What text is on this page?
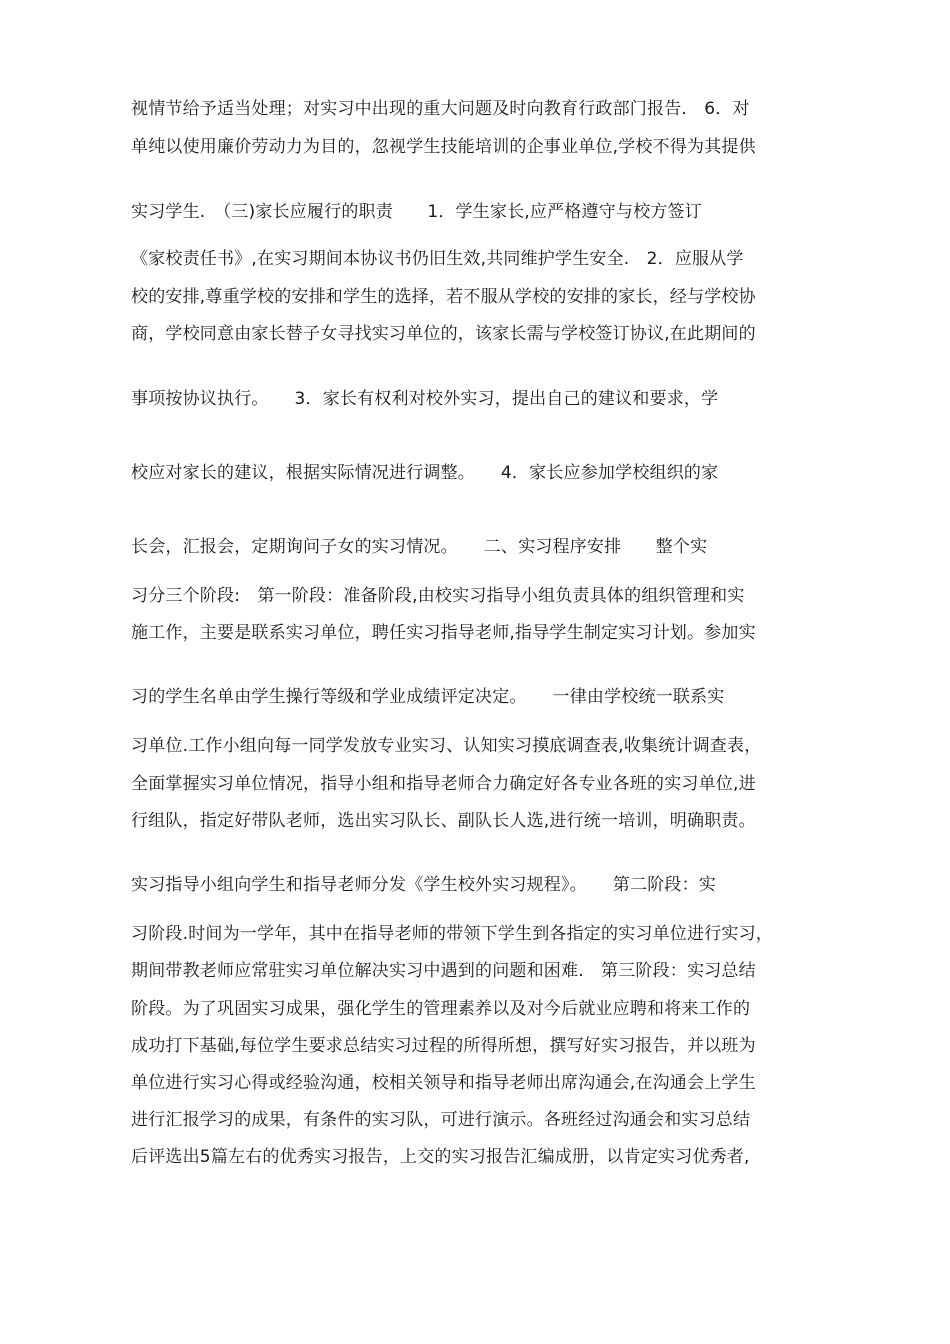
视情节给予适当处理；对实习中出现的重大问题及时向教育行政部门报告.　6．对
单纯以使用廉价劳动力为目的，忽视学生技能培训的企事业单位,学校不得为其提供
实习学生.　（三)家长应履行的职责　　1．学生家长,应严格遵守与校方签订
《家校责任书》,在实习期间本协议书仍旧生效,共同维护学生安全.　2．应服从学
校的安排,尊重学校的安排和学生的选择，若不服从学校的安排的家长，经与学校协
商，学校同意由家长替子女寻找实习单位的，该家长需与学校签订协议,在此期间的
事项按协议执行。　　3．家长有权利对校外实习，提出自己的建议和要求，学
校应对家长的建议，根据实际情况进行调整。　　4．家长应参加学校组织的家
长会，汇报会，定期询问子女的实习情况。　　二、实习程序安排　　整个实
习分三个阶段:　第一阶段：准备阶段,由校实习指导小组负责具体的组织管理和实
施工作，主要是联系实习单位，聘任实习指导老师,指导学生制定实习计划。参加实
习的学生名单由学生操行等级和学业成绩评定决定。　　一律由学校统一联系实
习单位.工作小组向每一同学发放专业实习、认知实习摸底调查表,收集统计调查表，
全面掌握实习单位情况，指导小组和指导老师合力确定好各专业各班的实习单位,进
行组队，指定好带队老师，选出实习队长、副队长人选,进行统一培训，明确职责。
实习指导小组向学生和指导老师分发《学生校外实习规程》。　　第二阶段：实
习阶段.时间为一学年，其中在指导老师的带领下学生到各指定的实习单位进行实习，
期间带教老师应常驻实习单位解决实习中遇到的问题和困难.　第三阶段：实习总结
阶段。为了巩固实习成果，强化学生的管理素养以及对今后就业应聘和将来工作的
成功打下基础,每位学生要求总结实习过程的所得所想，撰写好实习报告，并以班为
单位进行实习心得或经验沟通，校相关领导和指导老师出席沟通会,在沟通会上学生
进行汇报学习的成果，有条件的实习队，可进行演示。各班经过沟通会和实习总结
后评选出5篇左右的优秀实习报告，上交的实习报告汇编成册，以肯定实习优秀者,
